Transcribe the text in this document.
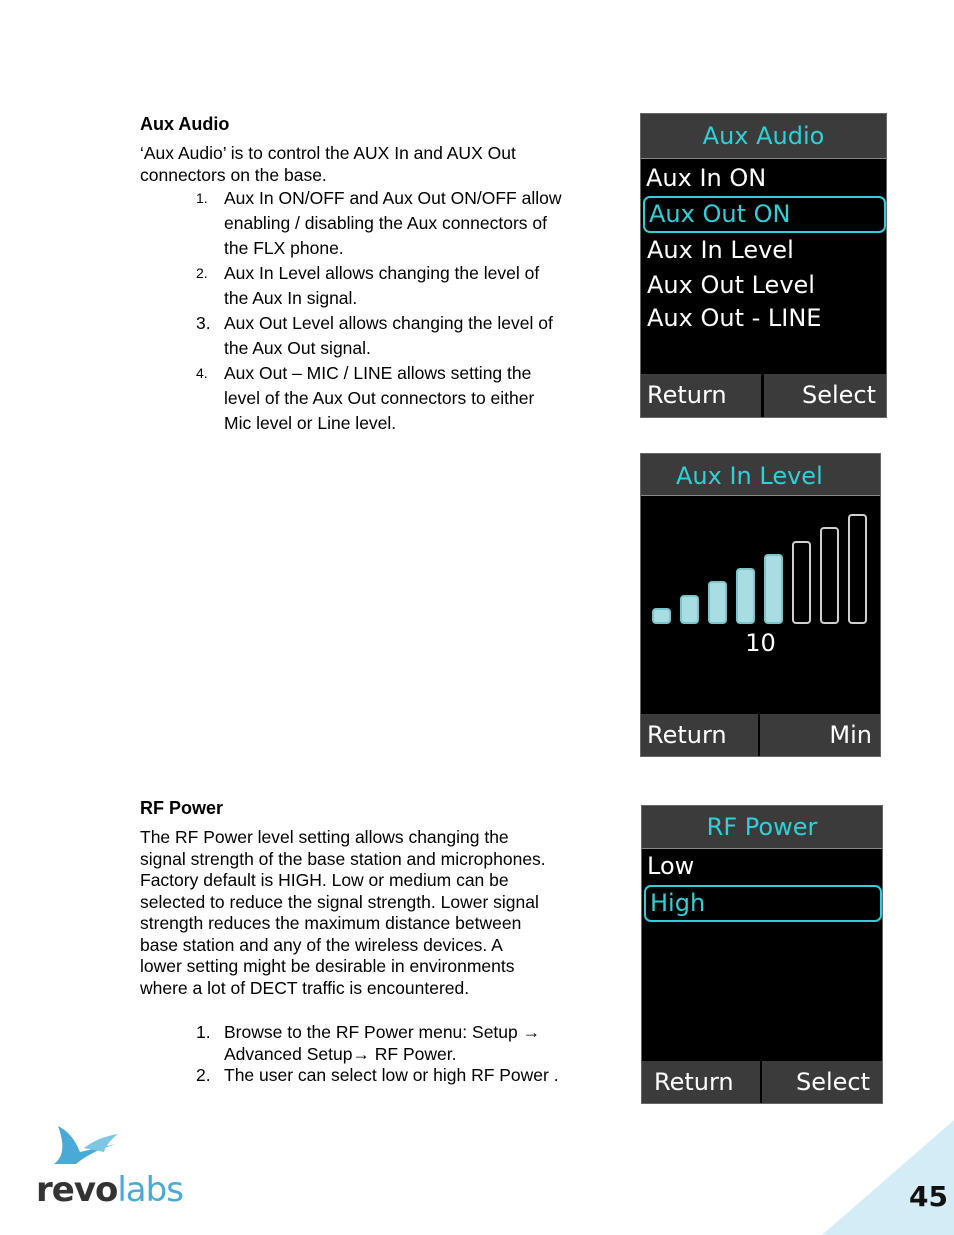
Aux Audio
‘Aux Audio’ is to control the AUX In and AUX Out
connectors on the base.
1. Aux In ON/OFF and Aux Out ON/OFF allow
enabling / disabling the Aux connectors of
the FLX phone.
2. Aux In Level allows changing the level of
the Aux In signal.
3. Aux Out Level allows changing the level of
the Aux Out signal.
4. Aux Out – MIC / LINE allows setting the
level of the Aux Out connectors to either
Mic level or Line level.
Aux Audio
Aux In ON
Aux Out ON
Aux In Level
Aux Out Level
Aux Out - LINE
Return	Select
Aux In Level
10
Return	Min
RF Power
The RF Power level setting allows changing the
signal strength of the base station and microphones.
Factory default is HIGH. Low or medium can be
selected to reduce the signal strength. Lower signal
strength reduces the maximum distance between
base station and any of the wireless devices. A
lower setting might be desirable in environments
where a lot of DECT traffic is encountered.
1. Browse to the RF Power menu: Setup →
Advanced Setup→ RF Power.
2. The user can select low or high RF Power .
RF Power
Low
High
Return	Select
revolabs	45
